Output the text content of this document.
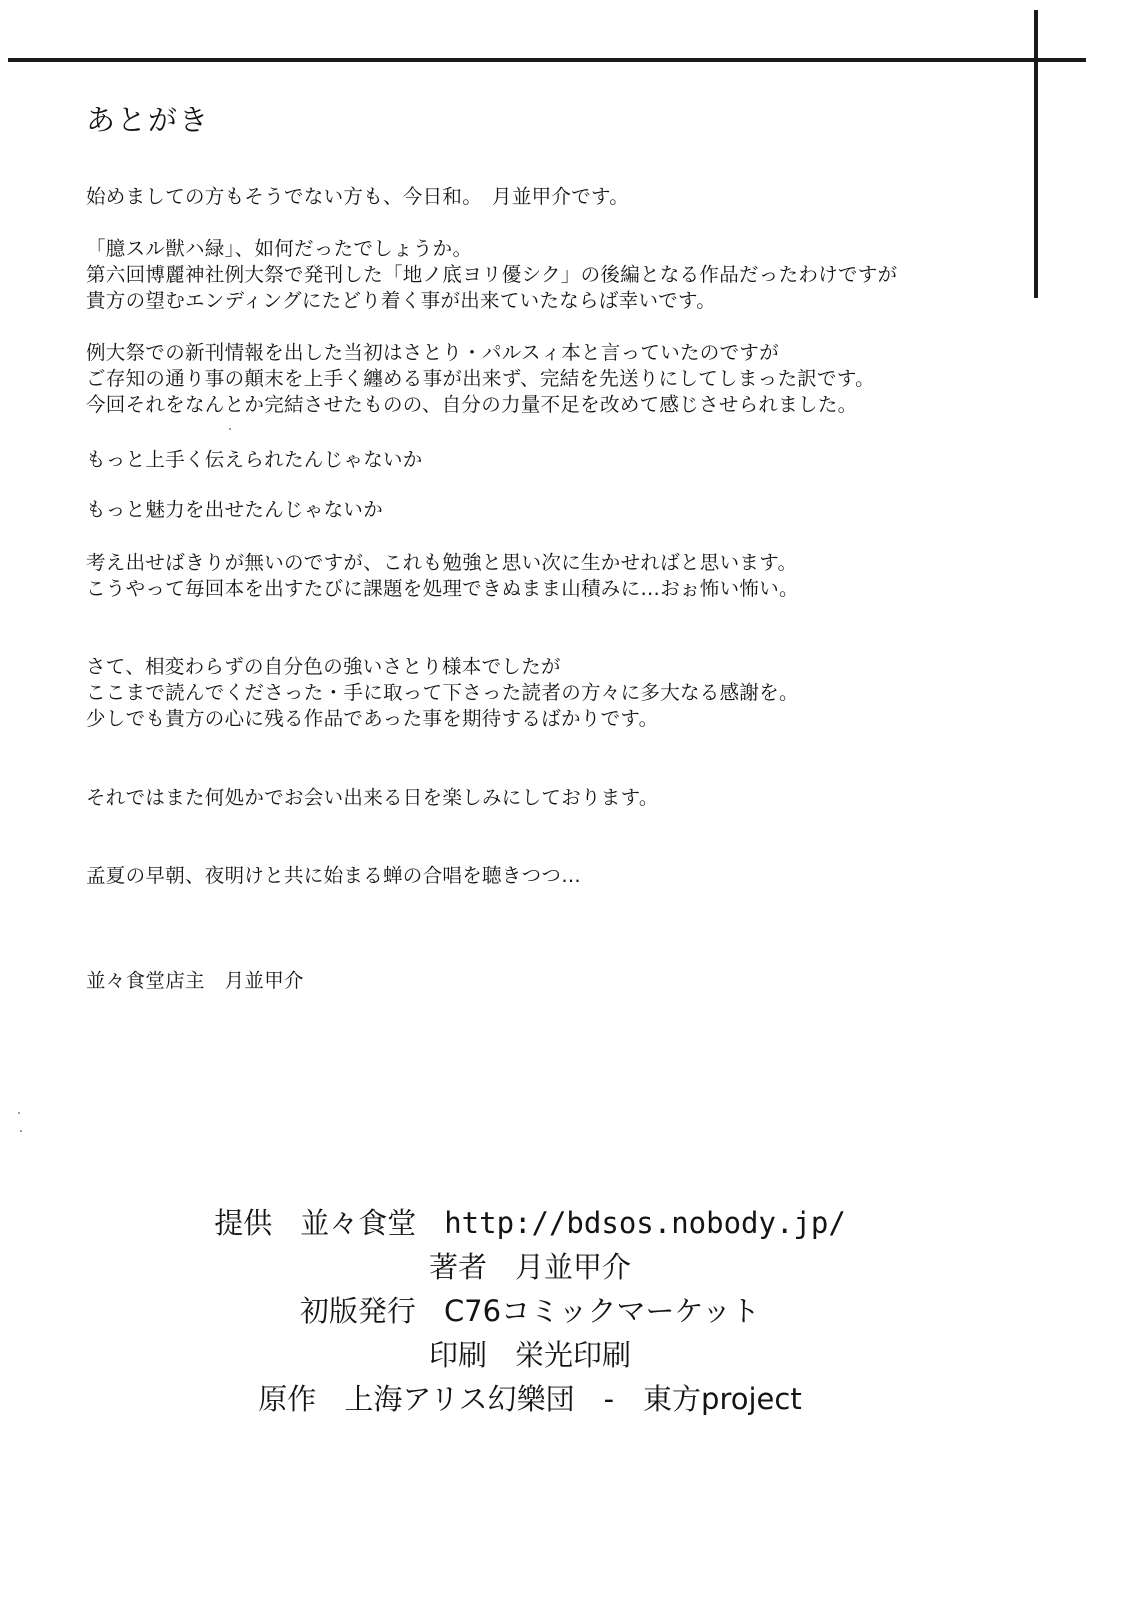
あとがき
始めましての方もそうでない方も、今日和。　月並甲介です。
「臆スル獣ハ緑」、如何だったでしょうか。
第六回博麗神社例大祭で発刊した「地ノ底ヨリ優シク」の後編となる作品だったわけですが
貴方の望むエンディングにたどり着く事が出来ていたならば幸いです。
例大祭での新刊情報を出した当初はさとり・パルスィ本と言っていたのですが
ご存知の通り事の顛末を上手く纏める事が出来ず、完結を先送りにしてしまった訳です。
今回それをなんとか完結させたものの、自分の力量不足を改めて感じさせられました。
もっと上手く伝えられたんじゃないか
もっと魅力を出せたんじゃないか
考え出せばきりが無いのですが、これも勉強と思い次に生かせればと思います。
こうやって毎回本を出すたびに課題を処理できぬまま山積みに…おぉ怖い怖い。
さて、相変わらずの自分色の強いさとり様本でしたが
ここまで読んでくださった・手に取って下さった読者の方々に多大なる感謝を。
少しでも貴方の心に残る作品であった事を期待するばかりです。
それではまた何処かでお会い出来る日を楽しみにしております。
孟夏の早朝、夜明けと共に始まる蝉の合唱を聴きつつ…
並々食堂店主　月並甲介
提供 並々食堂 http://bdsos.nobody.jp/
著者 月並甲介
初版発行 C76コミックマーケット
印刷 栄光印刷
原作 上海アリス幻樂団　-　東方project
